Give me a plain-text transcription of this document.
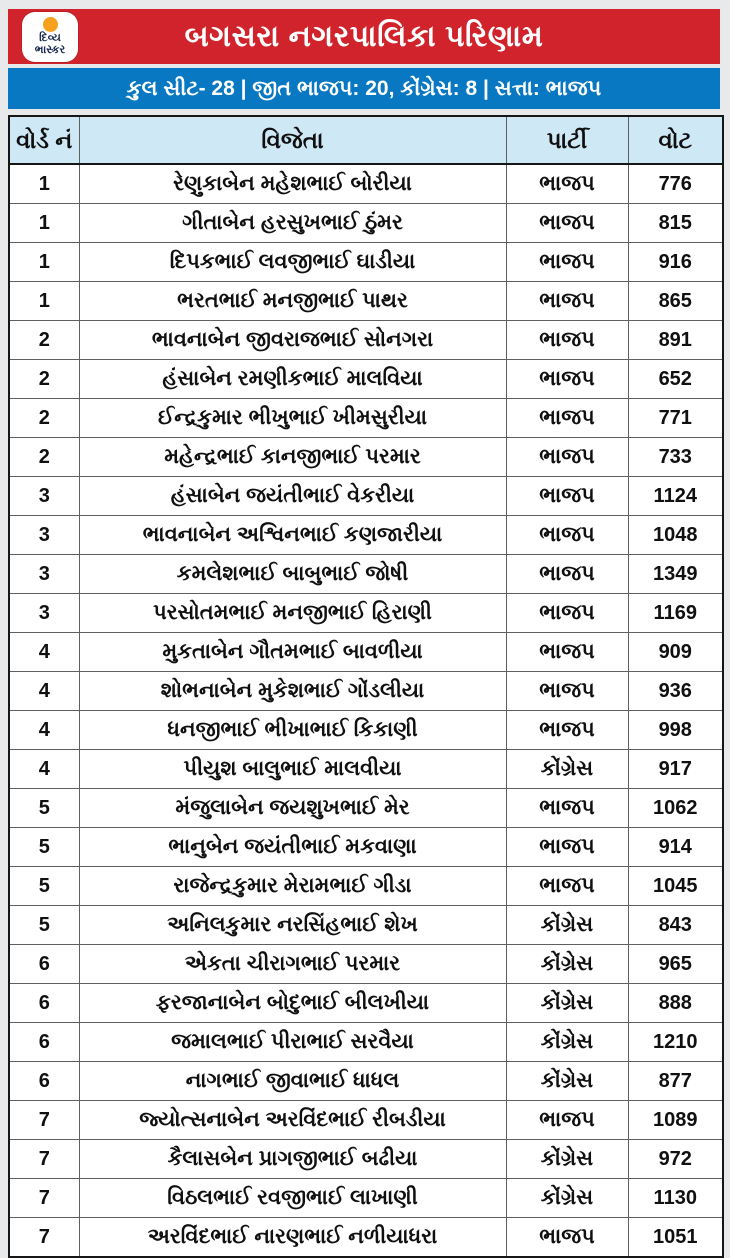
દિવ્ય
ભાસ્કર	બગસરા નગરપાલિકા પરિણામ
કુલ સીટ- 28 | જીત ભાજપ: 20, કોંગ્રેસ: 8 | સત્તા: ભાજપ
વોર્ડ નં	વિજેતા	પાર્ટી	વોટ
1	રેણુકાબેન મહેશભાઈ બોરીયા	ભાજપ	776
1	ગીતાબેન હરસુખભાઈ ઠુંમર	ભાજપ	815
1	દિપકભાઈ લવજીભાઈ ઘાડીયા	ભાજપ	916
1	ભરતભાઈ મનજીભાઈ પાથર	ભાજપ	865
2	ભાવનાબેન જીવરાજભાઈ સોનગરા	ભાજપ	891
2	હંસાબેન રમણીકભાઈ માલવિયા	ભાજપ	652
2	ઈન્દ્રકુમાર ભીખુભાઈ ખીમસુરીયા	ભાજપ	771
2	મહેન્દ્રભાઈ કાનજીભાઈ પરમાર	ભાજપ	733
3	હંસાબેન જયંતીભાઈ વેકરીયા	ભાજપ	1124
3	ભાવનાબેન અશ્વિનભાઈ કણજારીયા	ભાજપ	1048
3	કમલેશભાઈ બાબુભાઈ જોષી	ભાજપ	1349
3	પરસોતમભાઈ મનજીભાઈ હિરાણી	ભાજપ	1169
4	મુકતાબેન ગૌતમભાઈ બાવળીયા	ભાજપ	909
4	શોભનાબેન મુકેશભાઈ ગોંડલીયા	ભાજપ	936
4	ધનજીભાઈ ભીખાભાઈ કિકાણી	ભાજપ	998
4	પીયુશ બાલુભાઈ માલવીયા	કોંગ્રેસ	917
5	મંજુલાબેન જયશુખભાઈ મેર	ભાજપ	1062
5	ભાનુબેન જયંતીભાઈ મકવાણા	ભાજપ	914
5	રાજેન્દ્રકુમાર મેરામભાઈ ગીડા	ભાજપ	1045
5	અનિલકુમાર નરસિંહભાઈ શેખ	કોંગ્રેસ	843
6	એકતા ચીરાગભાઈ પરમાર	કોંગ્રેસ	965
6	ફરજાનાબેન બોદુભાઈ બીલખીયા	કોંગ્રેસ	888
6	જમાલભાઈ પીરાભાઈ સરવૈયા	કોંગ્રેસ	1210
6	નાગભાઈ જીવાભાઈ ધાધલ	કોંગ્રેસ	877
7	જ્યોત્સનાબેન અરવિંદભાઈ રીબડીયા	ભાજપ	1089
7	કૈલાસબેન પ્રાગજીભાઈ બઢીયા	કોંગ્રેસ	972
7	વિઠલભાઈ રવજીભાઈ લાખાણી	કોંગ્રેસ	1130
7	અરવિંદભાઈ નારણભાઈ નળીયાધરા	ભાજપ	1051
